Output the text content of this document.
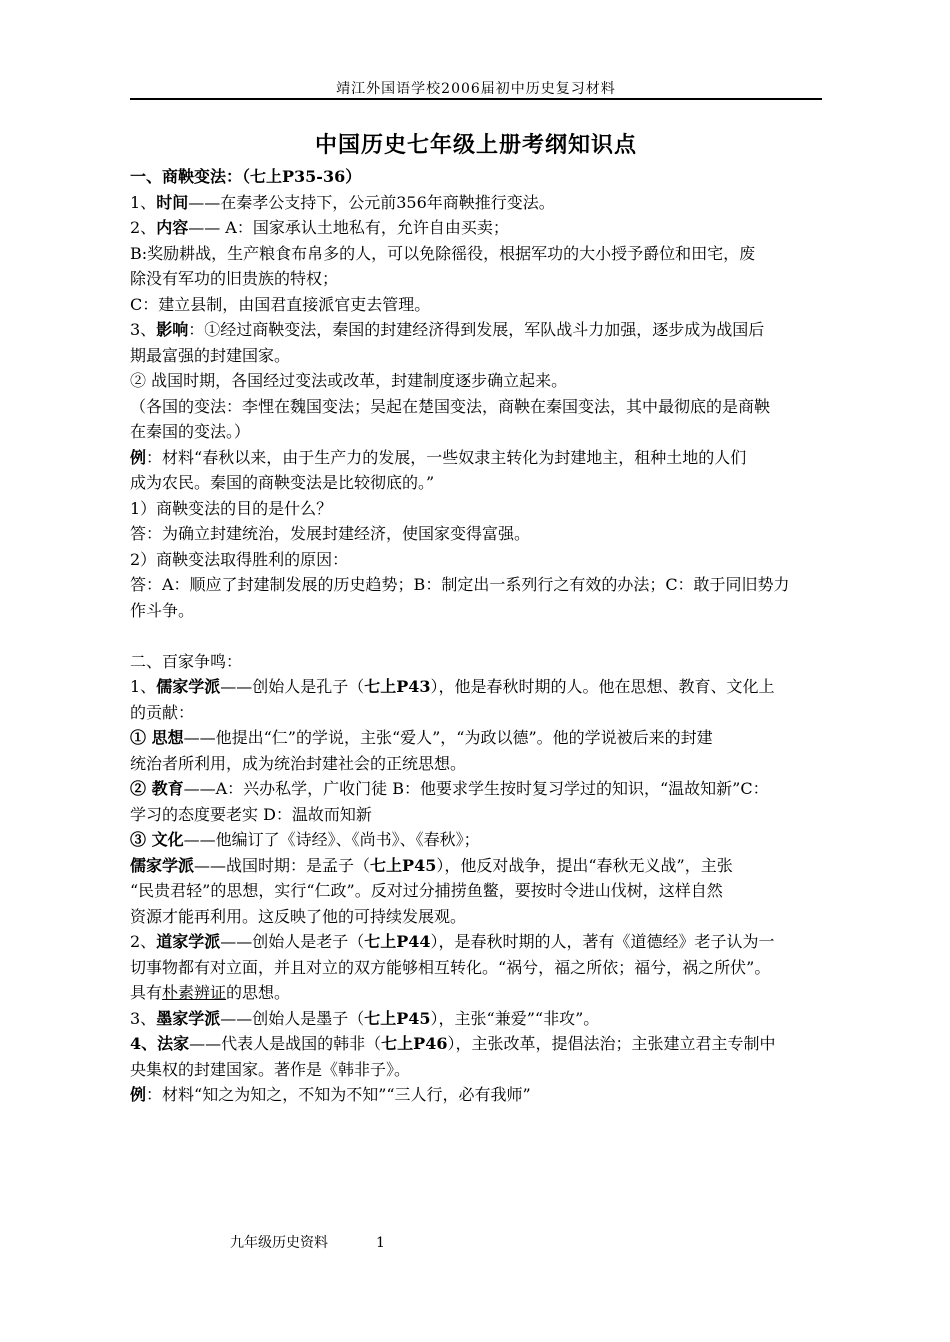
靖江外国语学校2006届初中历史复习材料
中国历史七年级上册考纲知识点

一、商鞅变法：（七上P35-36）

1、时间——在秦孝公支持下，公元前356年商鞅推行变法。

2、内容—— A：国家承认土地私有，允许自由买卖；

B:奖励耕战，生产粮食布帛多的人，可以免除徭役，根据军功的大小授予爵位和田宅，废

除没有军功的旧贵族的特权；

C：建立县制，由国君直接派官吏去管理。

3、影响：①经过商鞅变法，秦国的封建经济得到发展，军队战斗力加强，逐步成为战国后

期最富强的封建国家。

② 战国时期，各国经过变法或改革，封建制度逐步确立起来。

（各国的变法：李悝在魏国变法；吴起在楚国变法，商鞅在秦国变法，其中最彻底的是商鞅

在秦国的变法。）

例：材料“春秋以来，由于生产力的发展，一些奴隶主转化为封建地主，租种土地的人们

成为农民。秦国的商鞅变法是比较彻底的。”

1）商鞅变法的目的是什么？

答：为确立封建统治，发展封建经济，使国家变得富强。

2）商鞅变法取得胜利的原因：

答：A：顺应了封建制发展的历史趋势；B：制定出一系列行之有效的办法；C：敢于同旧势力

作斗争。

二、百家争鸣：

1、儒家学派——创始人是孔子（七上P43），他是春秋时期的人。他在思想、教育、文化上

的贡献：

① 思想——他提出“仁”的学说，主张“爱人”，“为政以德”。他的学说被后来的封建

统治者所利用，成为统治封建社会的正统思想。

② 教育——A：兴办私学，广收门徒 B：他要求学生按时复习学过的知识，“温故知新”C：

学习的态度要老实 D：温故而知新

③ 文化——他编订了《诗经》、《尚书》、《春秋》；

儒家学派——战国时期：是孟子（七上P45），他反对战争，提出“春秋无义战”，主张

“民贵君轻”的思想，实行“仁政”。反对过分捕捞鱼鳖，要按时令进山伐树，这样自然

资源才能再利用。这反映了他的可持续发展观。

2、道家学派——创始人是老子（七上P44），是春秋时期的人，著有《道德经》老子认为一

切事物都有对立面，并且对立的双方能够相互转化。“祸兮，福之所依；福兮，祸之所伏”。

具有朴素辨证的思想。

3、墨家学派——创始人是墨子（七上P45），主张“兼爱”“非攻”。

4、法家——代表人是战国的韩非（七上P46），主张改革，提倡法治；主张建立君主专制中

央集权的封建国家。著作是《韩非子》。

例：材料“知之为知之，不知为不知”“三人行，必有我师”

九年级历史资料	1
